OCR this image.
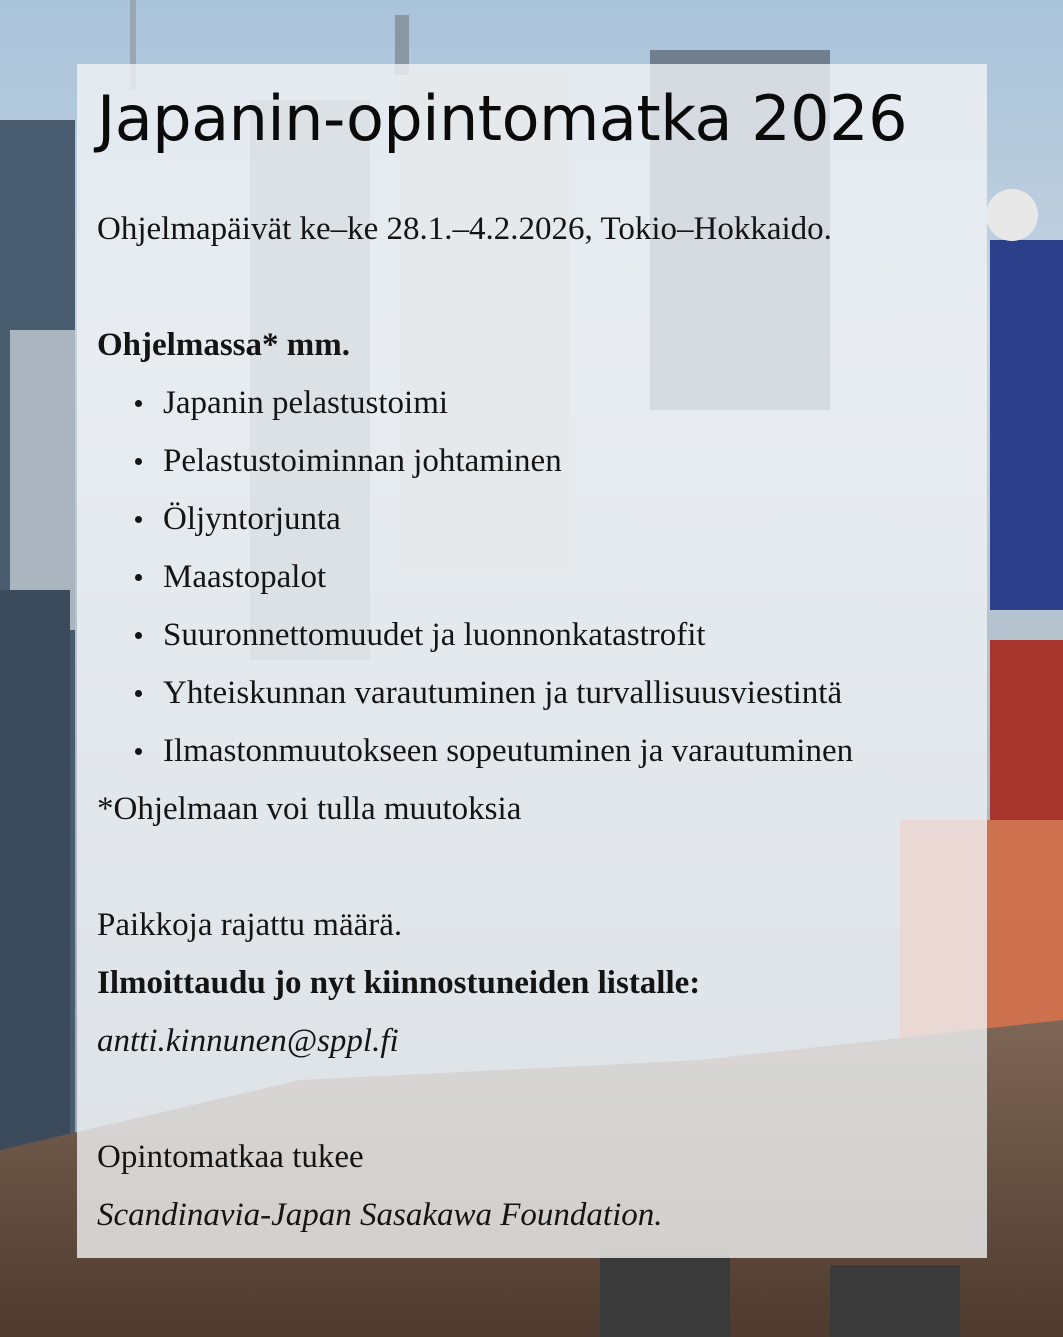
Japanin-opintomatka 2026

Ohjelmapäivät ke–ke 28.1.–4.2.2026, Tokio–Hokkaido.

Ohjelmassa* mm.

Japanin pelastustoimi
Pelastustoiminnan johtaminen
Öljyntorjunta
Maastopalot
Suuronnettomuudet ja luonnonkatastrofit
Yhteiskunnan varautuminen ja turvallisuusviestintä
Ilmastonmuutokseen sopeutuminen ja varautuminen

*Ohjelmaan voi tulla muutoksia

Paikkoja rajattu määrä.

Ilmoittaudu jo nyt kiinnostuneiden listalle:

antti.kinnunen@sppl.fi

Opintomatkaa tukee

Scandinavia-Japan Sasakawa Foundation.
